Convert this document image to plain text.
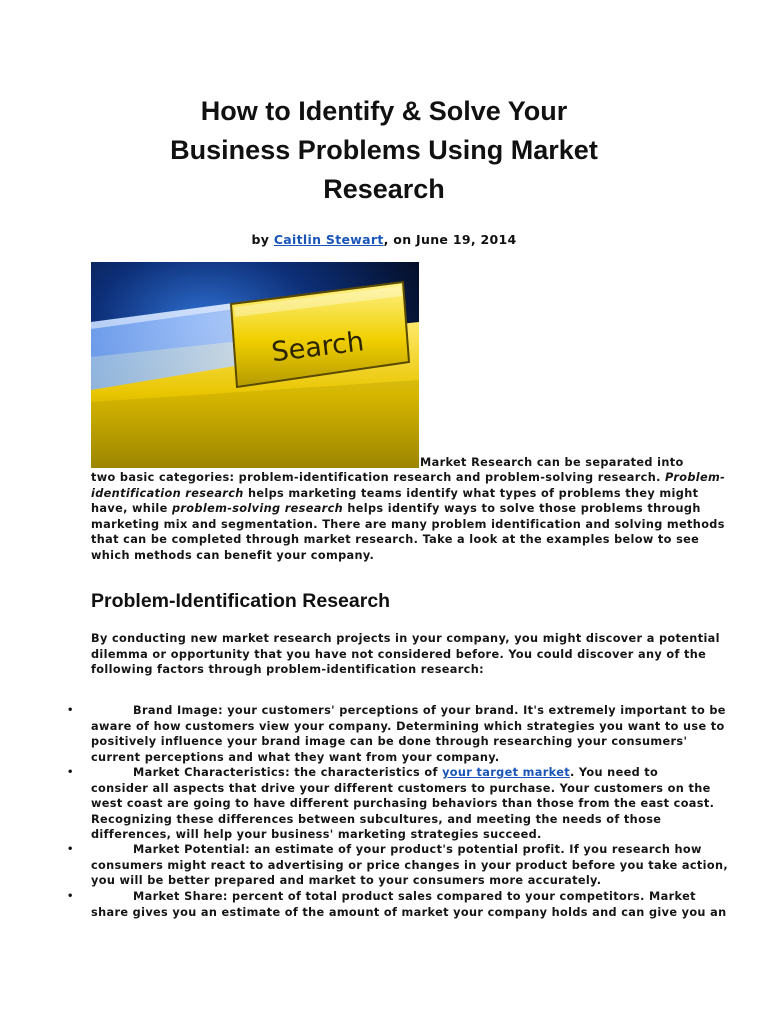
How to Identify & Solve Your
Business Problems Using Market
Research
by Caitlin Stewart, on June 19, 2014
Search
Market Research can be separated into
two basic categories: problem-identification research and problem-solving research. Problem-
identification research helps marketing teams identify what types of problems they might
have, while problem-solving research helps identify ways to solve those problems through
marketing mix and segmentation. There are many problem identification and solving methods
that can be completed through market research. Take a look at the examples below to see
which methods can benefit your company.
Problem-Identification Research
By conducting new market research projects in your company, you might discover a potential
dilemma or opportunity that you have not considered before. You could discover any of the
following factors through problem-identification research:
•	Brand Image: your customers' perceptions of your brand. It's extremely important to be
aware of how customers view your company. Determining which strategies you want to use to
positively influence your brand image can be done through researching your consumers'
current perceptions and what they want from your company.
•	Market Characteristics: the characteristics of your target market. You need to
consider all aspects that drive your different customers to purchase. Your customers on the
west coast are going to have different purchasing behaviors than those from the east coast.
Recognizing these differences between subcultures, and meeting the needs of those
differences, will help your business' marketing strategies succeed.
•	Market Potential: an estimate of your product's potential profit. If you research how
consumers might react to advertising or price changes in your product before you take action,
you will be better prepared and market to your consumers more accurately.
•	Market Share: percent of total product sales compared to your competitors. Market
share gives you an estimate of the amount of market your company holds and can give you an
